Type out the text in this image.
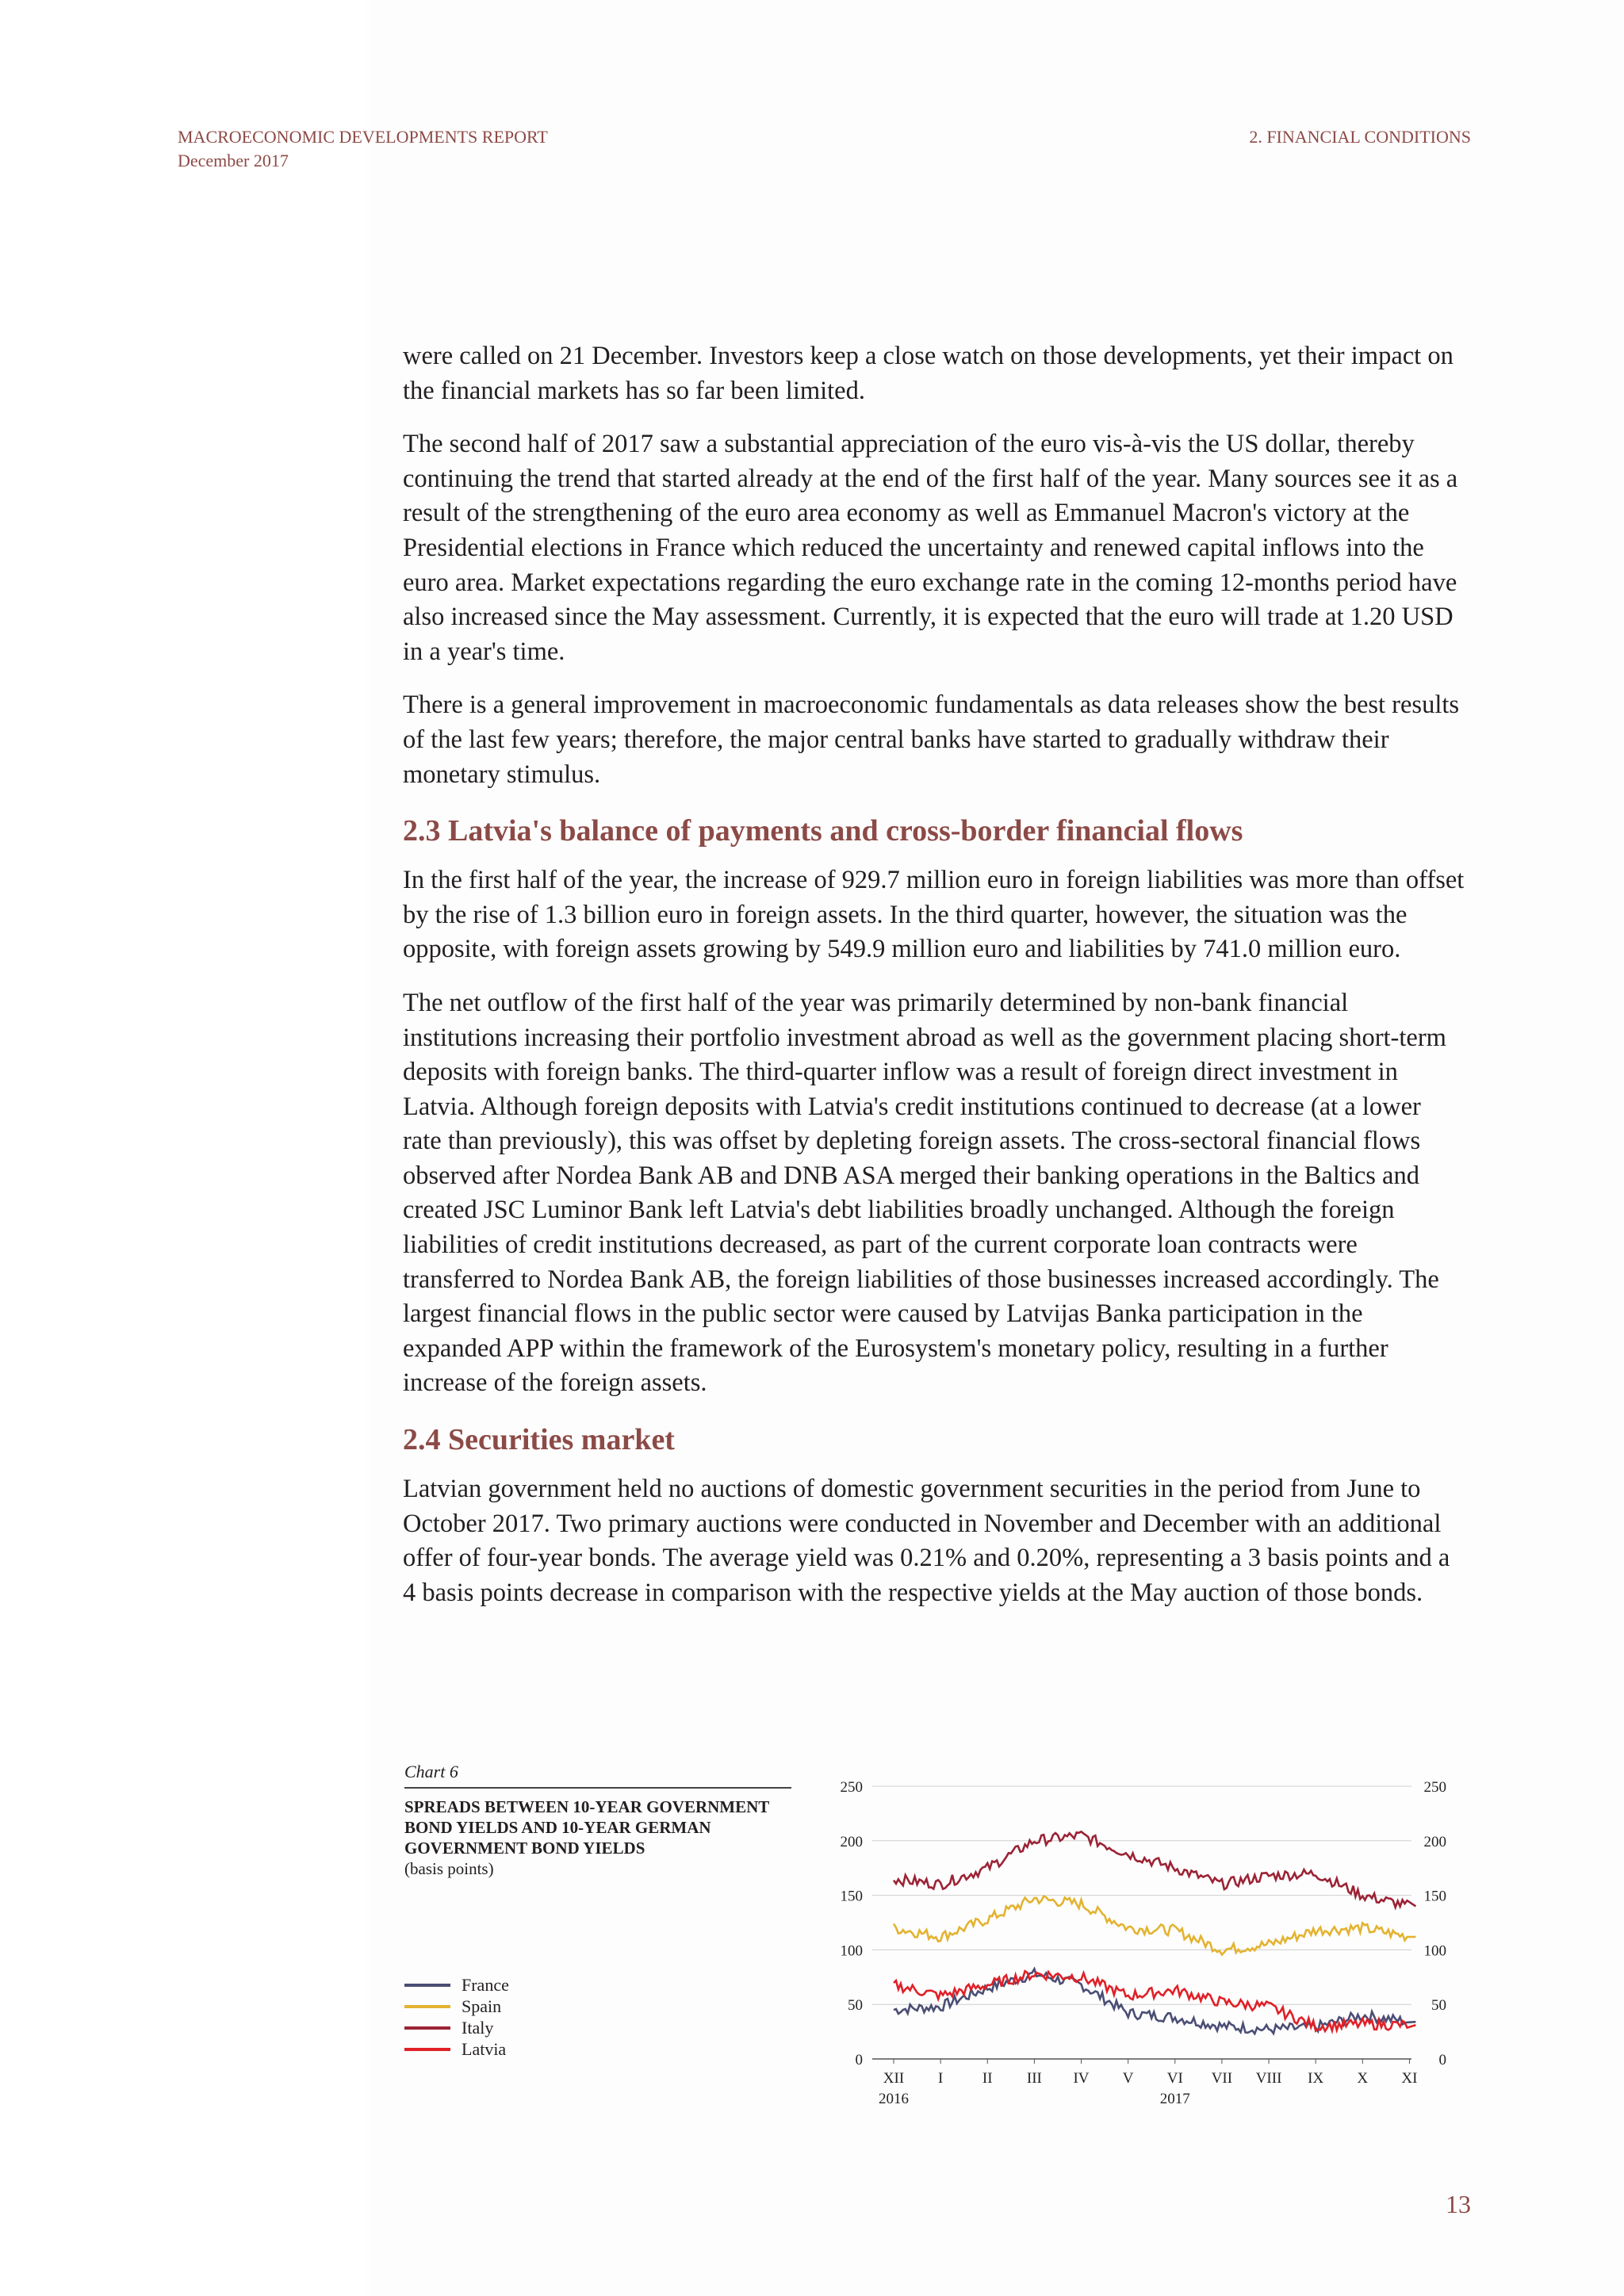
MACROECONOMIC DEVELOPMENTS REPORT
December 2017
2. FINANCIAL CONDITIONS

were called on 21 December. Investors keep a close watch on those developments, yet their impact on the financial markets has so far been limited.

The second half of 2017 saw a substantial appreciation of the euro vis-à-vis the US dollar, thereby continuing the trend that started already at the end of the first half of the year. Many sources see it as a result of the strengthening of the euro area economy as well as Emmanuel Macron's victory at the Presidential elections in France which reduced the uncertainty and renewed capital inflows into the euro area. Market expectations regarding the euro exchange rate in the coming 12-months period have also increased since the May assessment. Currently, it is expected that the euro will trade at 1.20 USD in a year's time.

There is a general improvement in macroeconomic fundamentals as data releases show the best results of the last few years; therefore, the major central banks have started to gradually withdraw their monetary stimulus.

2.3 Latvia's balance of payments and cross-border financial flows

In the first half of the year, the increase of 929.7 million euro in foreign liabilities was more than offset by the rise of 1.3 billion euro in foreign assets. In the third quarter, however, the situation was the opposite, with foreign assets growing by 549.9 million euro and liabilities by 741.0 million euro.

The net outflow of the first half of the year was primarily determined by non-bank financial institutions increasing their portfolio investment abroad as well as the government placing short-term deposits with foreign banks. The third-quarter inflow was a result of foreign direct investment in Latvia. Although foreign deposits with Latvia's credit institutions continued to decrease (at a lower rate than previously), this was offset by depleting foreign assets. The cross-sectoral financial flows observed after Nordea Bank AB and DNB ASA merged their banking operations in the Baltics and created JSC Luminor Bank left Latvia's debt liabilities broadly unchanged. Although the foreign liabilities of credit institutions decreased, as part of the current corporate loan contracts were transferred to Nordea Bank AB, the foreign liabilities of those businesses increased accordingly. The largest financial flows in the public sector were caused by Latvijas Banka participation in the expanded APP within the framework of the Eurosystem's monetary policy, resulting in a further increase of the foreign assets.

2.4 Securities market

Latvian government held no auctions of domestic government securities in the period from June to October 2017. Two primary auctions were conducted in November and December with an additional offer of four-year bonds. The average yield was 0.21% and 0.20%, representing a 3 basis points and a 4 basis points decrease in comparison with the respective yields at the May auction of those bonds.

Chart 6
SPREADS BETWEEN 10-YEAR GOVERNMENT BOND YIELDS AND 10-YEAR GERMAN GOVERNMENT BOND YIELDS
(basis points)
France
Spain
Italy
Latvia
0	0
50	50
100	100
150	150
200	200
250	250
XII I	II III IV V VI VII VIII IX X XI
2016	2017
13
